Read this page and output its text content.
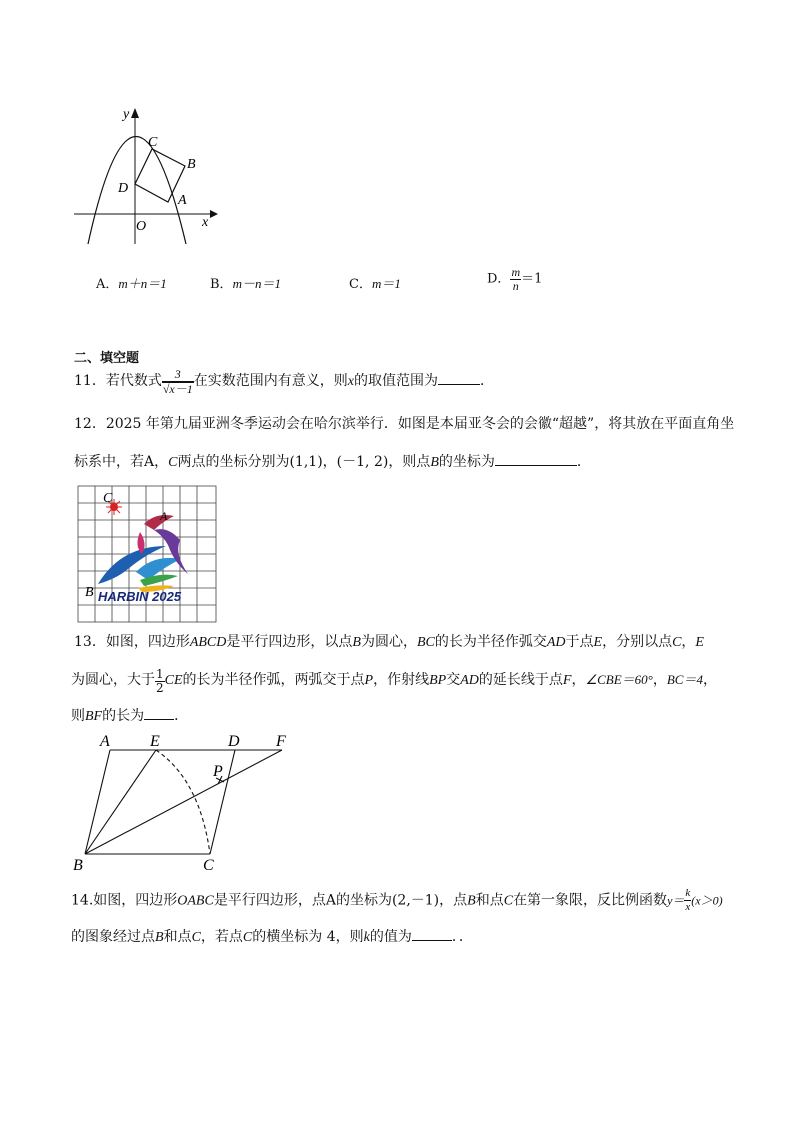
y
C
B
D
A
O	x
A．m＋n＝1	B．m－n＝1	C．m＝1	D． $\frac{m}{n} =1$
二、填空题
11．若代数式 $\frac{3}{√x-1}$ 在实数范围内有意义，则x的取值范围为	．
12．2025 年第九届亚洲冬季运动会在哈尔滨举行．如图是本届亚冬会的会徽“超越”，将其放在平面直角坐
标系中，若A，C两点的坐标分别为(1,1)，(－1, 2)，则点B的坐标为	．
C
A
B HARBIN 2025
13．如图，四边形ABCD是平行四边形，以点B为圆心，BC的长为半径作弧交AD于点E，分别以点C，E
为圆心，大于 $\frac{1}{2}$ CE的长为半径作弧，两弧交于点P，作射线BP交AD的延长线于点F，∠CBE＝60°，BC＝4，
则BF的长为 ．
A	E	D F
P
B	C
14.如图，四边形OABC是平行四边形，点A的坐标为(2,－1)，点B和点C在第一象限，反比例函数$y= \frac{k}{x} (x>0)$
的图象经过点B和点C，若点C的横坐标为 4，则k的值为	．．
